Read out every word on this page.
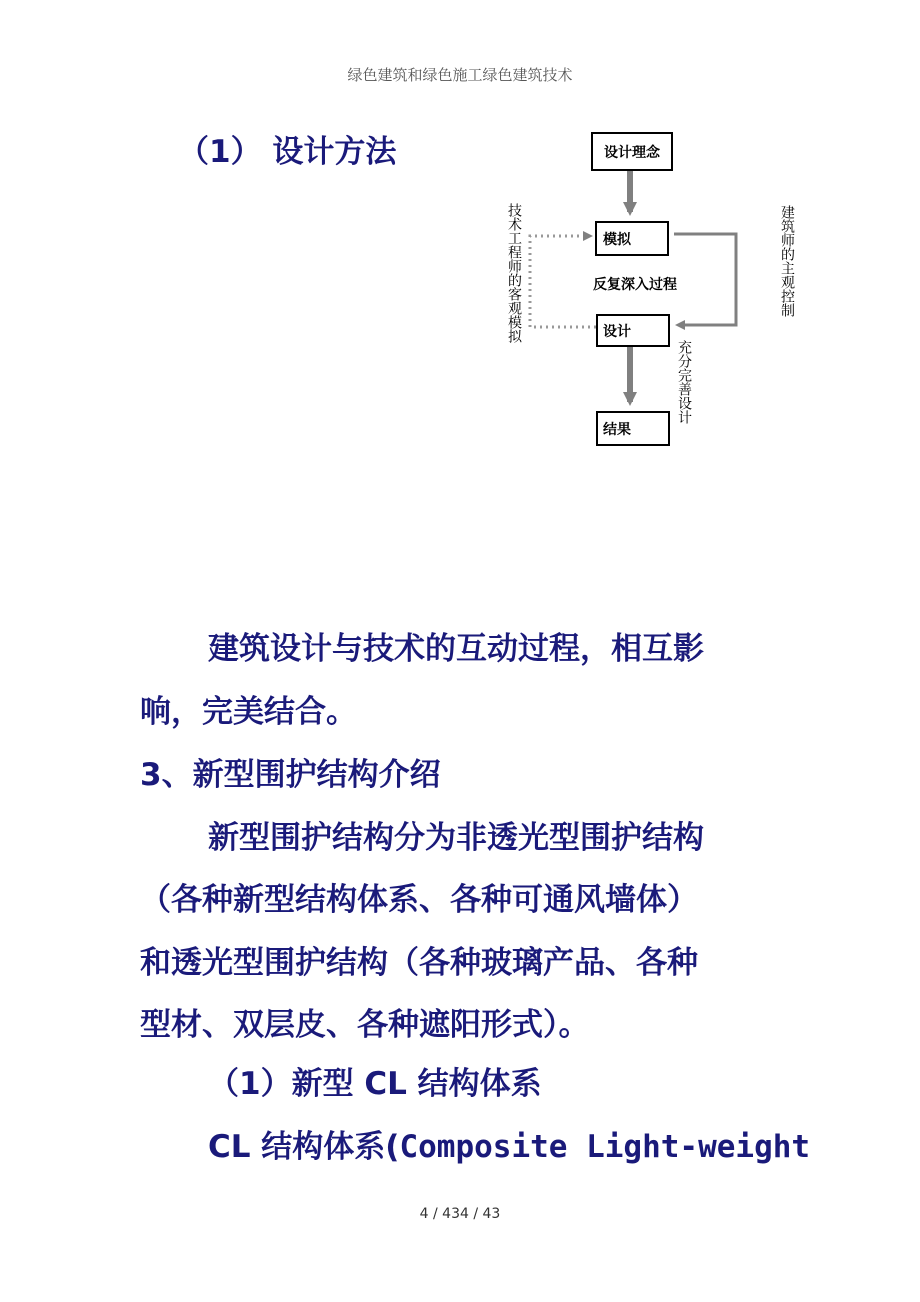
绿色建筑和绿色施工绿色建筑技术
（1） 设计方法	设计理念
模拟
反复深入过程
设计
结果
技术工程师的客观模拟	建筑师的主观控制
充分完善设计
建筑设计与技术的互动过程，相互影
响，完美结合。
3、新型围护结构介绍
新型围护结构分为非透光型围护结构
（各种新型结构体系、各种可通风墙体）
和透光型围护结构（各种玻璃产品、各种
型材、双层皮、各种遮阳形式）。
（1）新型 CL 结构体系
CL 结构体系(Composite Light-weight
4 / 434 / 43
